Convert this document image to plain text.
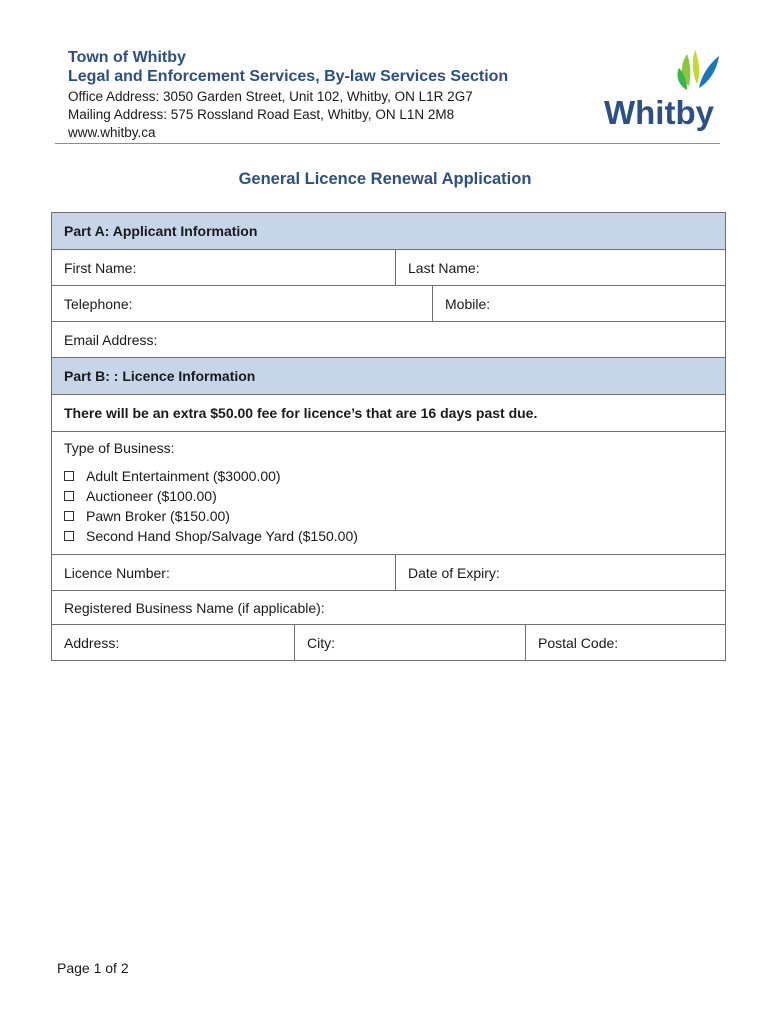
Town of Whitby
Legal and Enforcement Services, By-law Services Section
Office Address: 3050 Garden Street, Unit 102, Whitby, ON L1R 2G7
Mailing Address: 575 Rossland Road East, Whitby, ON L1N 2M8
www.whitby.ca
Whitby
General Licence Renewal Application
Part A: Applicant Information				
First Name:		Last Name:		
Telephone:			Mobile:	
Email Address:				
Part B: : Licence Information				
There will be an extra $50.00 fee for licence’s that are 16 days past due.				

Type of Business:
Adult Entertainment ($3000.00)
Auctioneer ($100.00)
Pawn Broker ($150.00)
Second Hand Shop/Salvage Yard ($150.00)				

Licence Number:		Date of Expiry:		
Registered Business Name (if applicable):				
Address:	City:			Postal Code:
Page 1 of 2
